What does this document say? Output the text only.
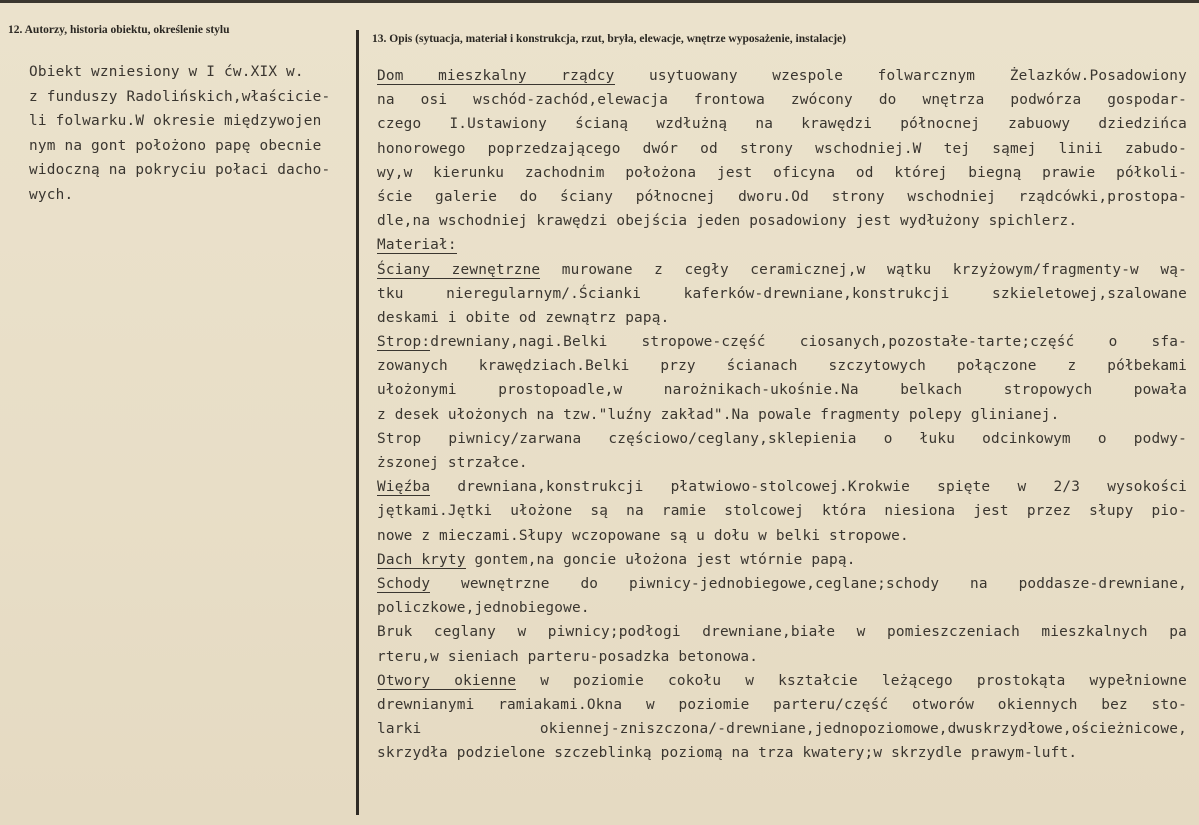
12. Autorzy, historia obiektu, określenie stylu
13. Opis (sytuacja, materiał i konstrukcja, rzut, bryła, elewacje, wnętrze wyposażenie, instalacje)
Obiekt wzniesiony w I ćw.XIX w.
z funduszy Radolińskich,właścicie-
li folwarku.W okresie międzywojen
nym na gont położono papę obecnie
widoczną na pokryciu połaci dacho-
wych.
Dom mieszkalny rządcy usytuowany wzespole folwarcznym Żelazków.Posadowiony
na osi wschód-zachód,elewacja frontowa zwócony do wnętrza podwórza gospodar-
czego I.Ustawiony ścianą wzdłużną na krawędzi północnej zabuowy dziedzińca
honorowego poprzedzającego dwór od strony wschodniej.W tej sąmej linii zabudo-
wy,w kierunku zachodnim położona jest oficyna od której biegną prawie półkoli-
ście galerie do ściany północnej dworu.Od strony wschodniej rządcówki,prostopa-
dle,na wschodniej krawędzi obejścia jeden posadowiony jest wydłużony spichlerz.
Materiał:
Ściany zewnętrzne murowane z cegły ceramicznej,w wątku krzyżowym/fragmenty-w wą-
tku nieregularnym/.Ścianki kaferków-drewniane,konstrukcji szkieletowej,szalowane
deskami i obite od zewnątrz papą.
Strop:drewniany,nagi.Belki stropowe-część ciosanych,pozostałe-tarte;część o sfa-
zowanych krawędziach.Belki przy ścianach szczytowych połączone z półbekami
ułożonymi prostopoadle,w narożnikach-ukośnie.Na belkach stropowych powała
z desek ułożonych na tzw."luźny zakład".Na powale fragmenty polepy glinianej.
Strop piwnicy/zarwana częściowo/ceglany,sklepienia o łuku odcinkowym o podwy-
ższonej strzałce.
Więźba drewniana,konstrukcji płatwiowo-stolcowej.Krokwie spięte w 2/3 wysokości
jętkami.Jętki ułożone są na ramie stolcowej która niesiona jest przez słupy pio-
nowe z mieczami.Słupy wczopowane są u dołu w belki stropowe.
Dach kryty gontem,na goncie ułożona jest wtórnie papą.
Schody wewnętrzne do piwnicy-jednobiegowe,ceglane;schody na poddasze-drewniane,
policzkowe,jednobiegowe.
Bruk ceglany w piwnicy;podłogi drewniane,białe w pomieszczeniach mieszkalnych pa
rteru,w sieniach parteru-posadzka betonowa.
Otwory okienne w poziomie cokołu w kształcie leżącego prostokąta wypełniowne
drewnianymi ramiakami.Okna w poziomie parteru/część otworów okiennych bez sto-
larki okiennej-zniszczona/-drewniane,jednopoziomowe,dwuskrzydłowe,ościeżnicowe,
skrzydła podzielone szczeblinką poziomą na trza kwatery;w skrzydle prawym-luft.
